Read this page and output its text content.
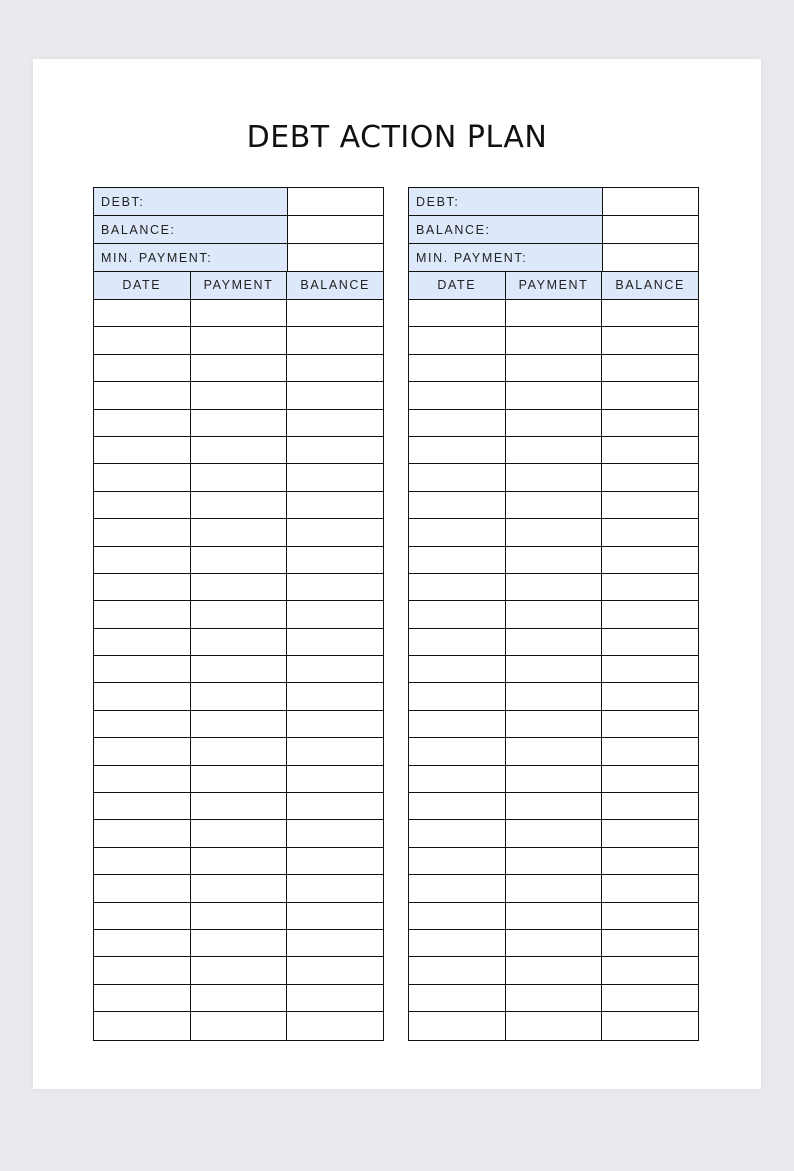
DEBT ACTION PLAN
DEBT:
BALANCE:
MIN. PAYMENT:
DATE	PAYMENT	BALANCE
DEBT:
BALANCE:
MIN. PAYMENT:
DATE	PAYMENT	BALANCE
